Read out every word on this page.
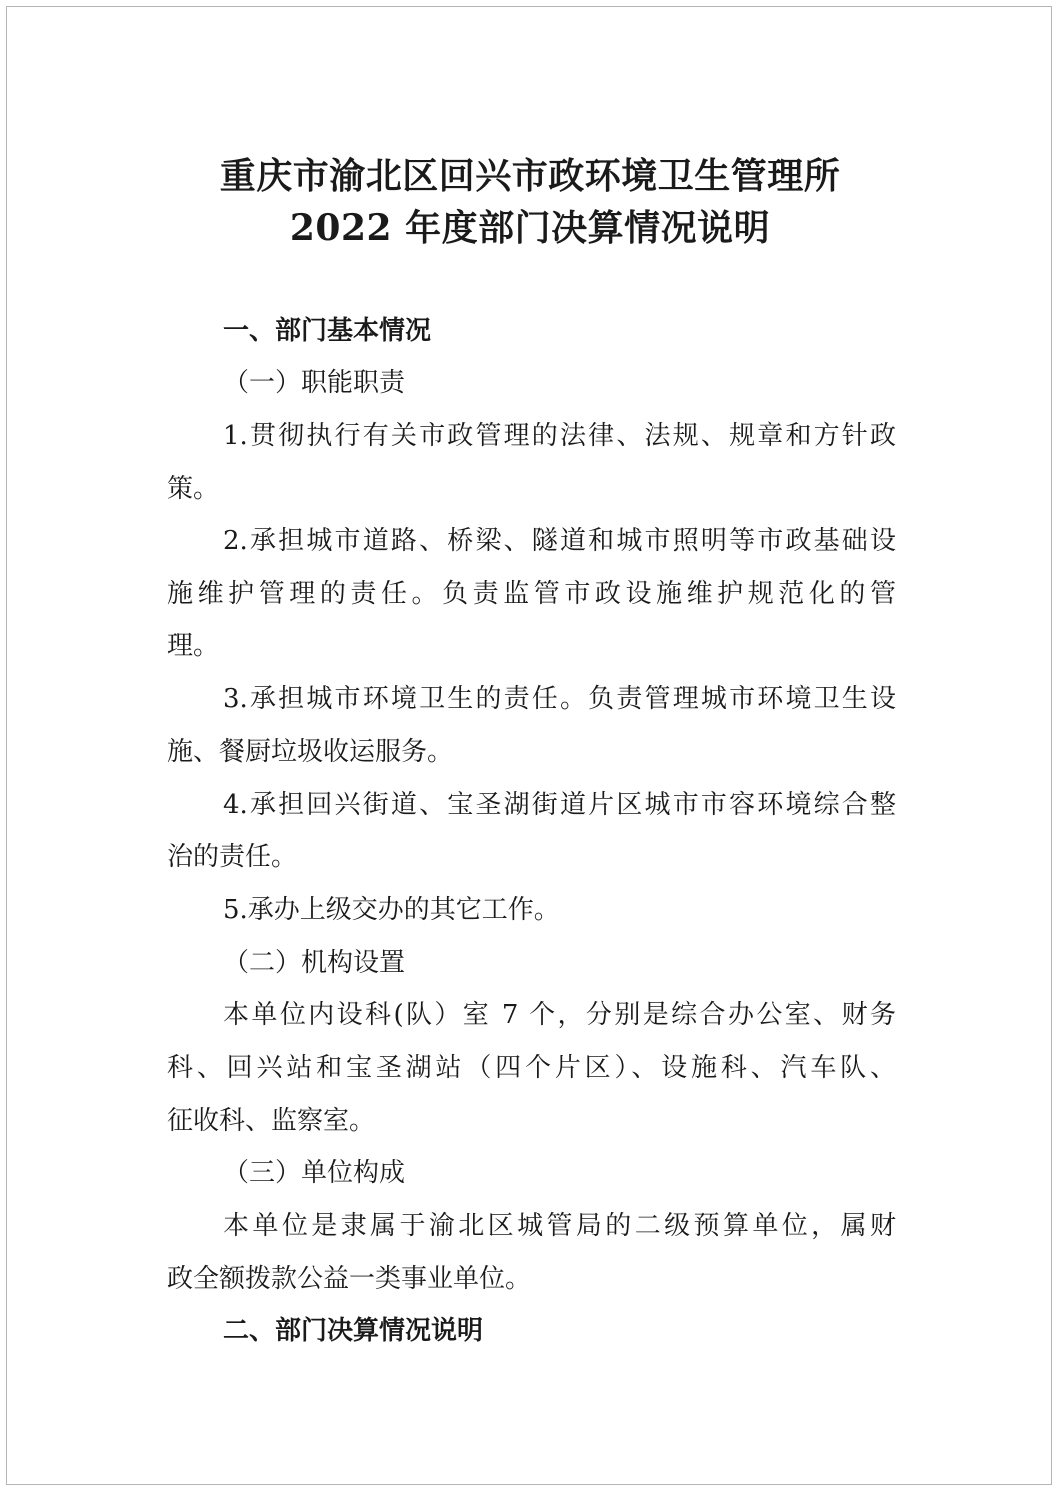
重庆市渝北区回兴市政环境卫生管理所
2022 年度部门决算情况说明
一、部门基本情况
（一）职能职责
1.贯彻执行有关市政管理的法律、法规、规章和方针政
策。
2.承担城市道路、桥梁、隧道和城市照明等市政基础设
施维护管理的责任。负责监管市政设施维护规范化的管
理。
3.承担城市环境卫生的责任。负责管理城市环境卫生设
施、餐厨垃圾收运服务。
4.承担回兴街道、宝圣湖街道片区城市市容环境综合整
治的责任。
5.承办上级交办的其它工作。
（二）机构设置
本单位内设科(队）室 7 个，分别是综合办公室、财务
科、回兴站和宝圣湖站（四个片区）、设施科、汽车队、
征收科、监察室。
（三）单位构成
本单位是隶属于渝北区城管局的二级预算单位，属财
政全额拨款公益一类事业单位。
二、部门决算情况说明
